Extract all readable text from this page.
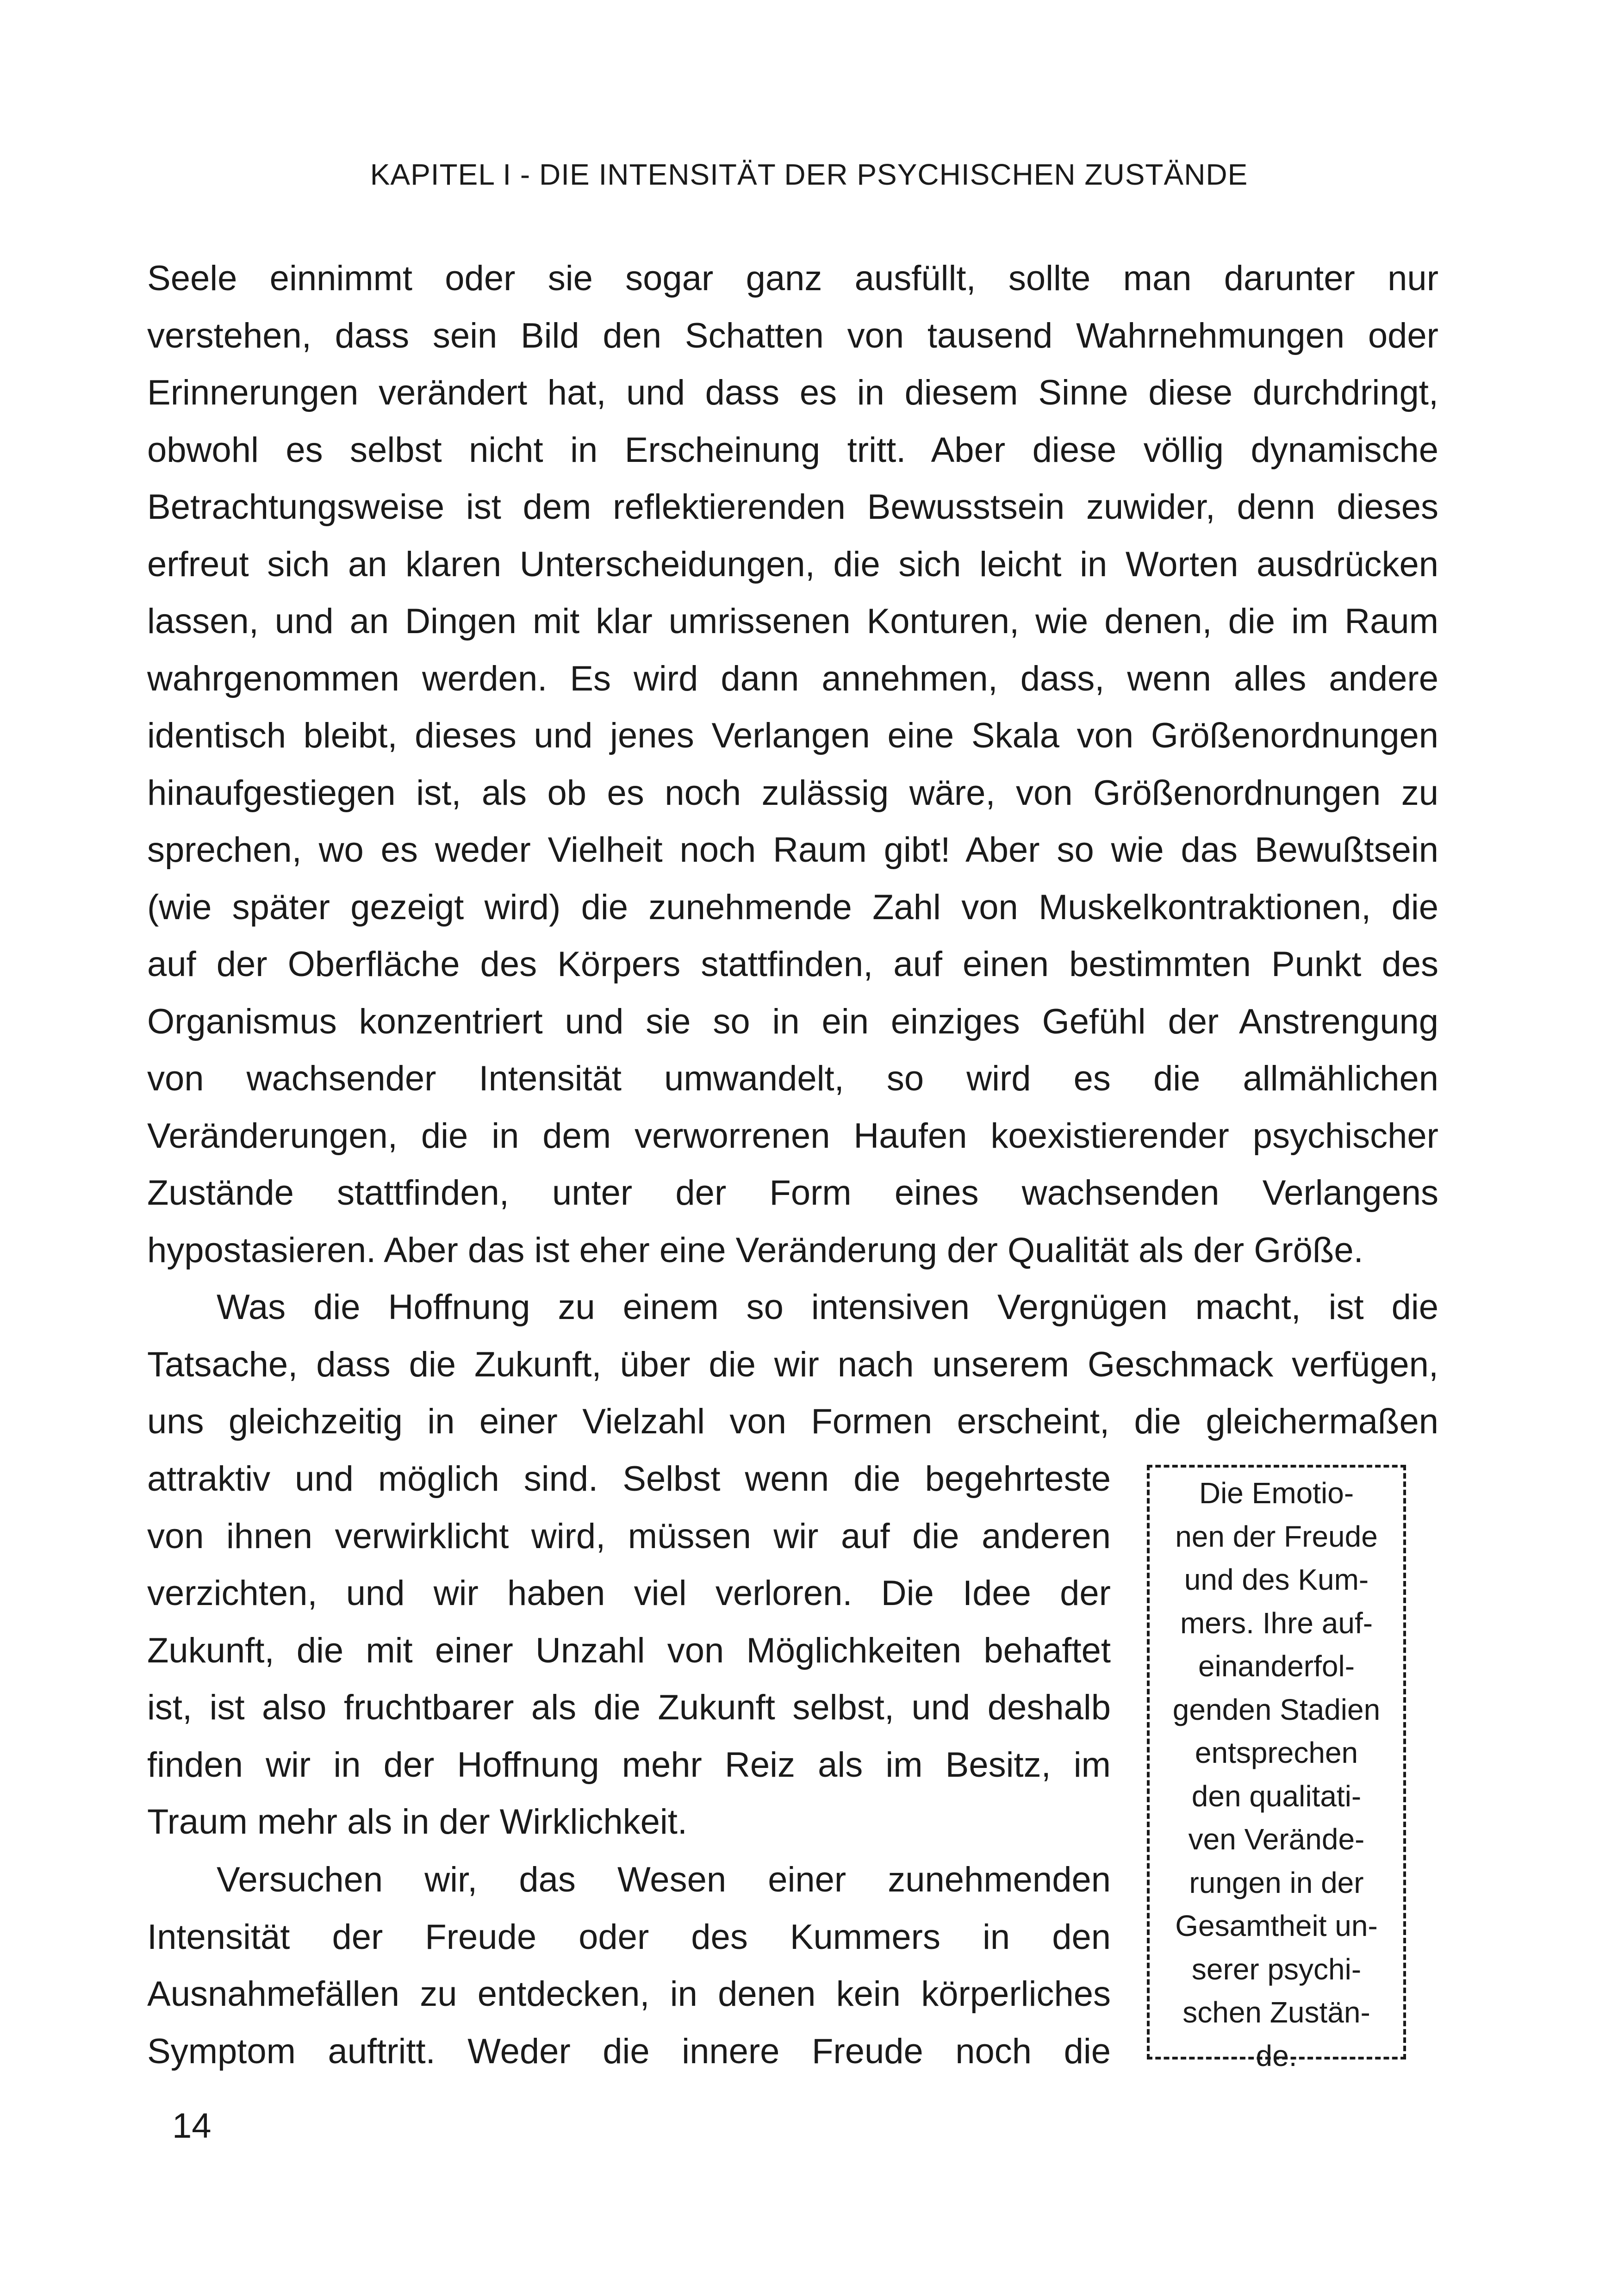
KAPITEL I - DIE INTENSITÄT DER PSYCHISCHEN ZUSTÄNDE
Seele einnimmt oder sie sogar ganz ausfüllt, sollte man darunter nur
verstehen, dass sein Bild den Schatten von tausend Wahrnehmungen oder
Erinnerungen verändert hat, und dass es in diesem Sinne diese durchdringt,
obwohl es selbst nicht in Erscheinung tritt. Aber diese völlig dynamische
Betrachtungsweise ist dem reflektierenden Bewusstsein zuwider, denn dieses
erfreut sich an klaren Unterscheidungen, die sich leicht in Worten ausdrücken
lassen, und an Dingen mit klar umrissenen Konturen, wie denen, die im Raum
wahrgenommen werden. Es wird dann annehmen, dass, wenn alles andere
identisch bleibt, dieses und jenes Verlangen eine Skala von Größenordnungen
hinaufgestiegen ist, als ob es noch zulässig wäre, von Größenordnungen zu
sprechen, wo es weder Vielheit noch Raum gibt! Aber so wie das Bewußtsein
(wie später gezeigt wird) die zunehmende Zahl von Muskelkontraktionen, die
auf der Oberfläche des Körpers stattfinden, auf einen bestimmten Punkt des
Organismus konzentriert und sie so in ein einziges Gefühl der Anstrengung
von wachsender Intensität umwandelt, so wird es die allmählichen
Veränderungen, die in dem verworrenen Haufen koexistierender psychischer
Zustände stattfinden, unter der Form eines wachsenden Verlangens
hypostasieren. Aber das ist eher eine Veränderung der Qualität als der Größe.
Was die Hoffnung zu einem so intensiven Vergnügen macht, ist die
Tatsache, dass die Zukunft, über die wir nach unserem Geschmack verfügen,
uns gleichzeitig in einer Vielzahl von Formen erscheint, die gleichermaßen
attraktiv und möglich sind. Selbst wenn die begehrteste
von ihnen verwirklicht wird, müssen wir auf die anderen
verzichten, und wir haben viel verloren. Die Idee der
Zukunft, die mit einer Unzahl von Möglichkeiten behaftet
ist, ist also fruchtbarer als die Zukunft selbst, und deshalb
finden wir in der Hoffnung mehr Reiz als im Besitz, im
Traum mehr als in der Wirklichkeit.
Versuchen wir, das Wesen einer zunehmenden
Intensität der Freude oder des Kummers in den
Ausnahmefällen zu entdecken, in denen kein körperliches
Symptom auftritt. Weder die innere Freude noch die
Die Emotio-
nen der Freude
und des Kum-
mers. Ihre auf-
einanderfol-
genden Stadien
entsprechen
den qualitati-
ven Verände-
rungen in der
Gesamtheit un-
serer psychi-
schen Zustän-
de.
14
